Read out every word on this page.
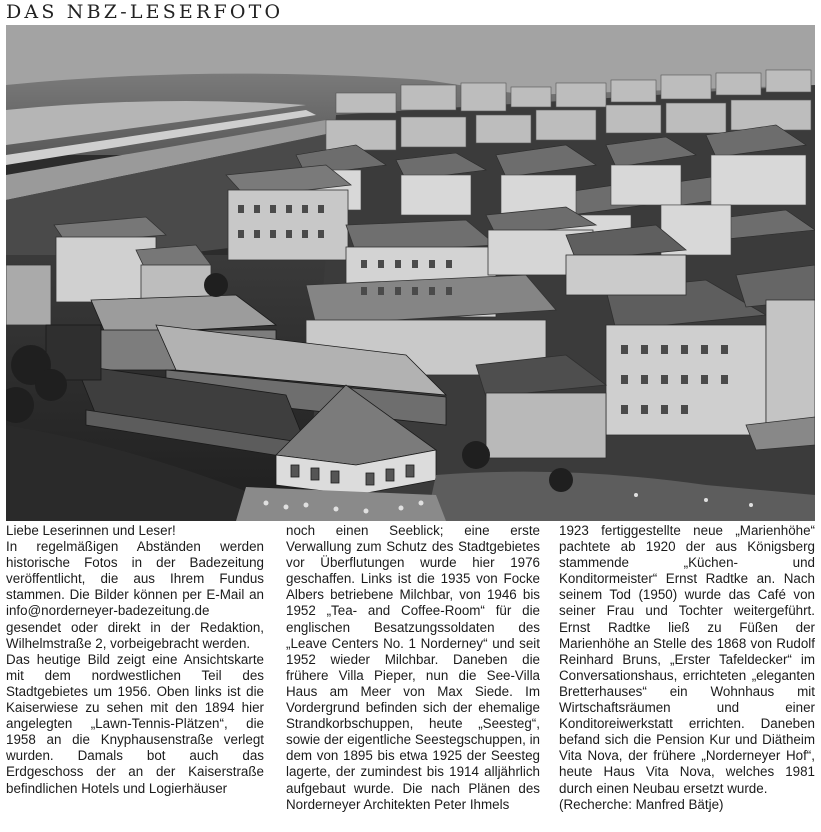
DAS NBZ-LESERFOTO

Liebe Leserinnen und Leser!

In regelmäßigen Abständen werden historische Fotos in der Badezeitung veröffentlicht, die aus Ihrem Fundus stammen. Die Bilder können per E-Mail an info@norderneyer-badezeitung.de gesendet oder direkt in der Redaktion, Wilhelmstraße 2, vorbeigebracht werden.

Das heutige Bild zeigt eine Ansichtskarte mit dem nordwestlichen Teil des Stadtgebietes um 1956. Oben links ist die Kaiserwiese zu sehen mit den 1894 hier angelegten „Lawn-Tennis-Plätzen“, die 1958 an die Knyphausenstraße verlegt wurden. Damals bot auch das Erdgeschoss der an der Kaiserstraße befindlichen Hotels und Logierhäuser

noch einen Seeblick; eine erste Verwallung zum Schutz des Stadtgebietes vor Überflutungen wurde hier 1976 geschaffen. Links ist die 1935 von Focke Albers betriebene Milchbar, von 1946 bis 1952 „Tea- and Coffee-Room“ für die englischen Besatzungssoldaten des „Leave Centers No. 1 Norderney“ und seit 1952 wieder Milchbar. Daneben die frühere Villa Pieper, nun die See-Villa Haus am Meer von Max Siede. Im Vordergrund befinden sich der ehemalige Strandkorbschuppen, heute „Seesteg“, sowie der eigentliche Seestegschuppen, in dem von 1895 bis etwa 1925 der Seesteg lagerte, der zumindest bis 1914 alljährlich aufgebaut wurde. Die nach Plänen des Norderneyer Architekten Peter Ihmels

1923 fertiggestellte neue „Marienhöhe“ pachtete ab 1920 der aus Königsberg stammende „Küchen- und Konditormeister“ Ernst Radtke an. Nach seinem Tod (1950) wurde das Café von seiner Frau und Tochter weitergeführt. Ernst Radtke ließ zu Füßen der Marienhöhe an Stelle des 1868 von Rudolf Reinhard Bruns, „Erster Tafeldecker“ im Conversationshaus, errichteten „eleganten Bretterhauses“ ein Wohnhaus mit Wirtschaftsräumen und einer Konditoreiwerkstatt errichten. Daneben befand sich die Pension Kur und Diätheim Vita Nova, der frühere „Norderneyer Hof“, heute Haus Vita Nova, welches 1981 durch einen Neubau ersetzt wurde.

(Recherche: Manfred Bätje)
